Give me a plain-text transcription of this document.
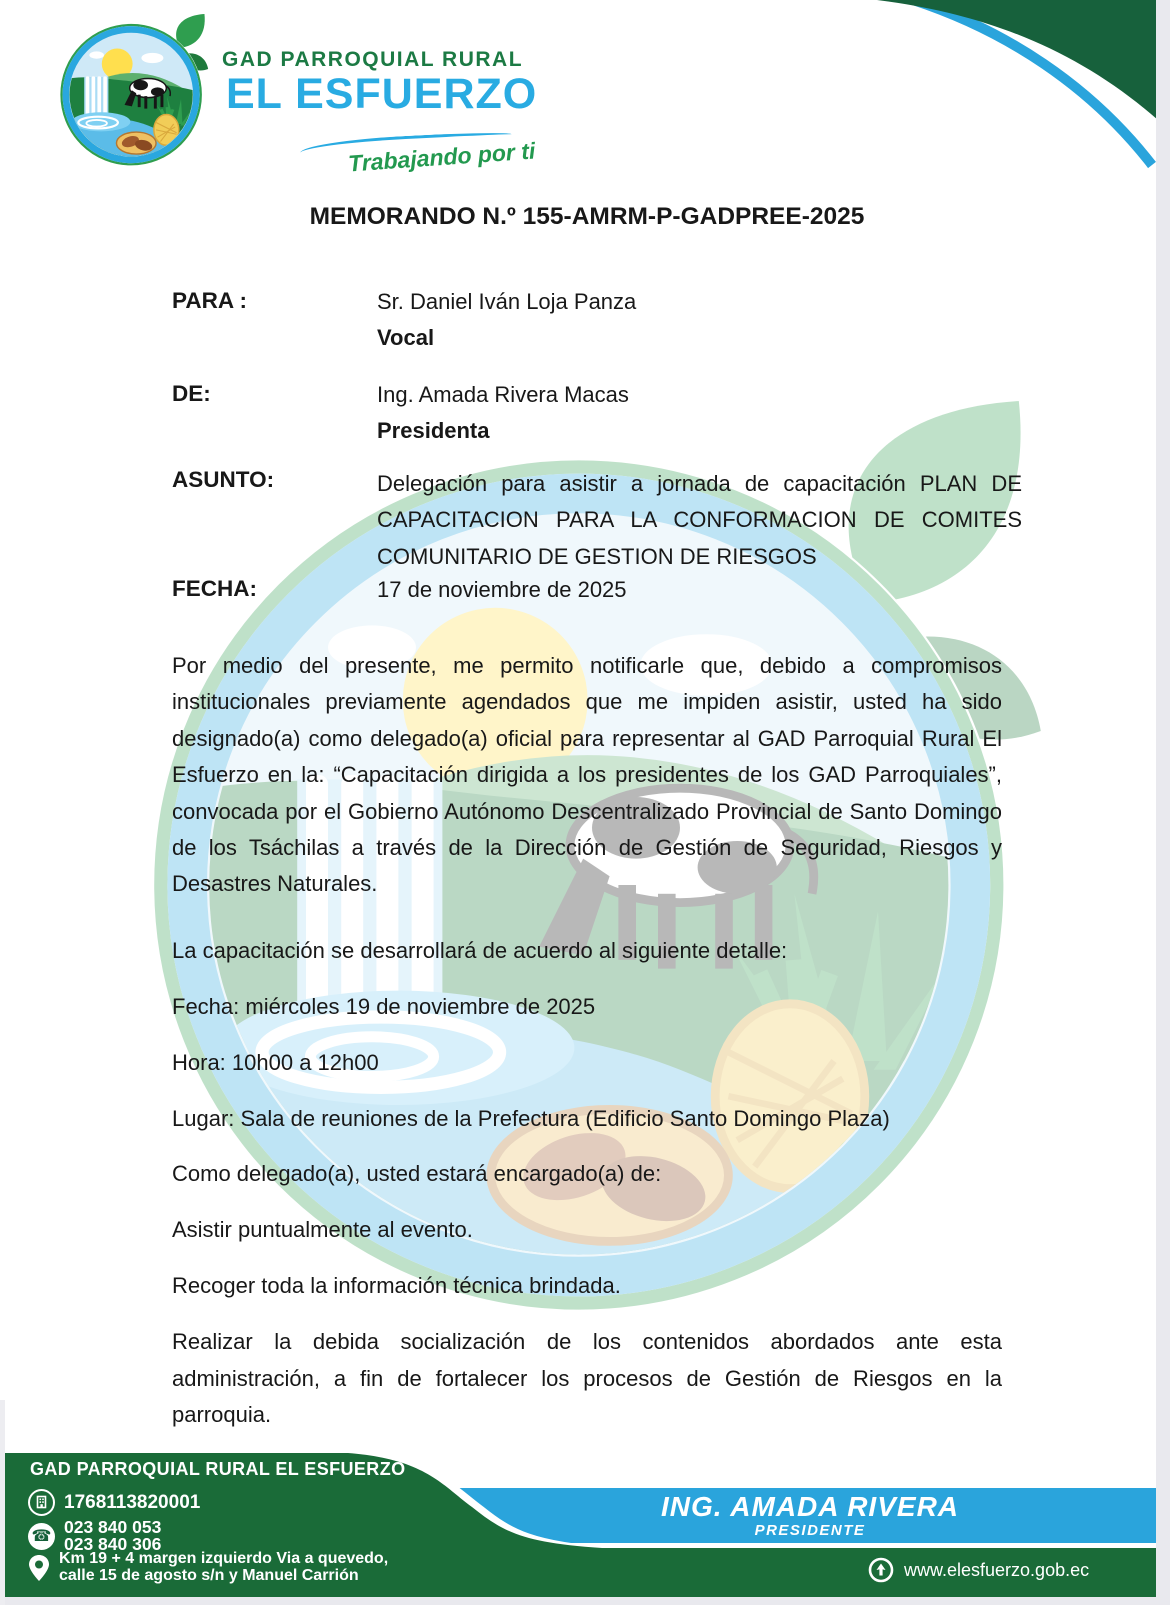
GAD PARROQUIAL RURAL
EL ESFUERZO
Trabajando por ti
MEMORANDO N.º 155-AMRM-P-GADPREE-2025
PARA :	Sr. Daniel Iván Loja Panza
Vocal
DE:	Ing. Amada Rivera Macas
Presidenta
ASUNTO:	Delegación para asistir a jornada de capacitación PLAN DE CAPACITACION PARA LA CONFORMACION DE COMITES COMUNITARIO DE GESTION DE RIESGOS
FECHA:	17 de noviembre de 2025

Por medio del presente, me permito notificarle que, debido a compromisos institucionales previamente agendados que me impiden asistir, usted ha sido designado(a) como delegado(a) oficial para representar al GAD Parroquial Rural El Esfuerzo en la: “Capacitación dirigida a los presidentes de los GAD Parroquiales”, convocada por el Gobierno Autónomo Descentralizado Provincial de Santo Domingo de los Tsáchilas a través de la Dirección de Gestión de Seguridad, Riesgos y Desastres Naturales.

La capacitación se desarrollará de acuerdo al siguiente detalle:

Fecha: miércoles 19 de noviembre de 2025

Hora: 10h00 a 12h00

Lugar: Sala de reuniones de la Prefectura (Edificio Santo Domingo Plaza)

Como delegado(a), usted estará encargado(a) de:

Asistir puntualmente al evento.

Recoger toda la información técnica brindada.

Realizar la debida socialización de los contenidos abordados ante esta administración, a fin de fortalecer los procesos de Gestión de Riesgos en la parroquia.

GAD PARROQUIAL RURAL EL ESFUERZO
1768113820001
☎ 023 840 053
023 840 306
Km 19 + 4 margen izquierdo Via a quevedo,
calle 15 de agosto s/n y Manuel Carrión
ING. AMADA RIVERA
PRESIDENTE
www.elesfuerzo.gob.ec
